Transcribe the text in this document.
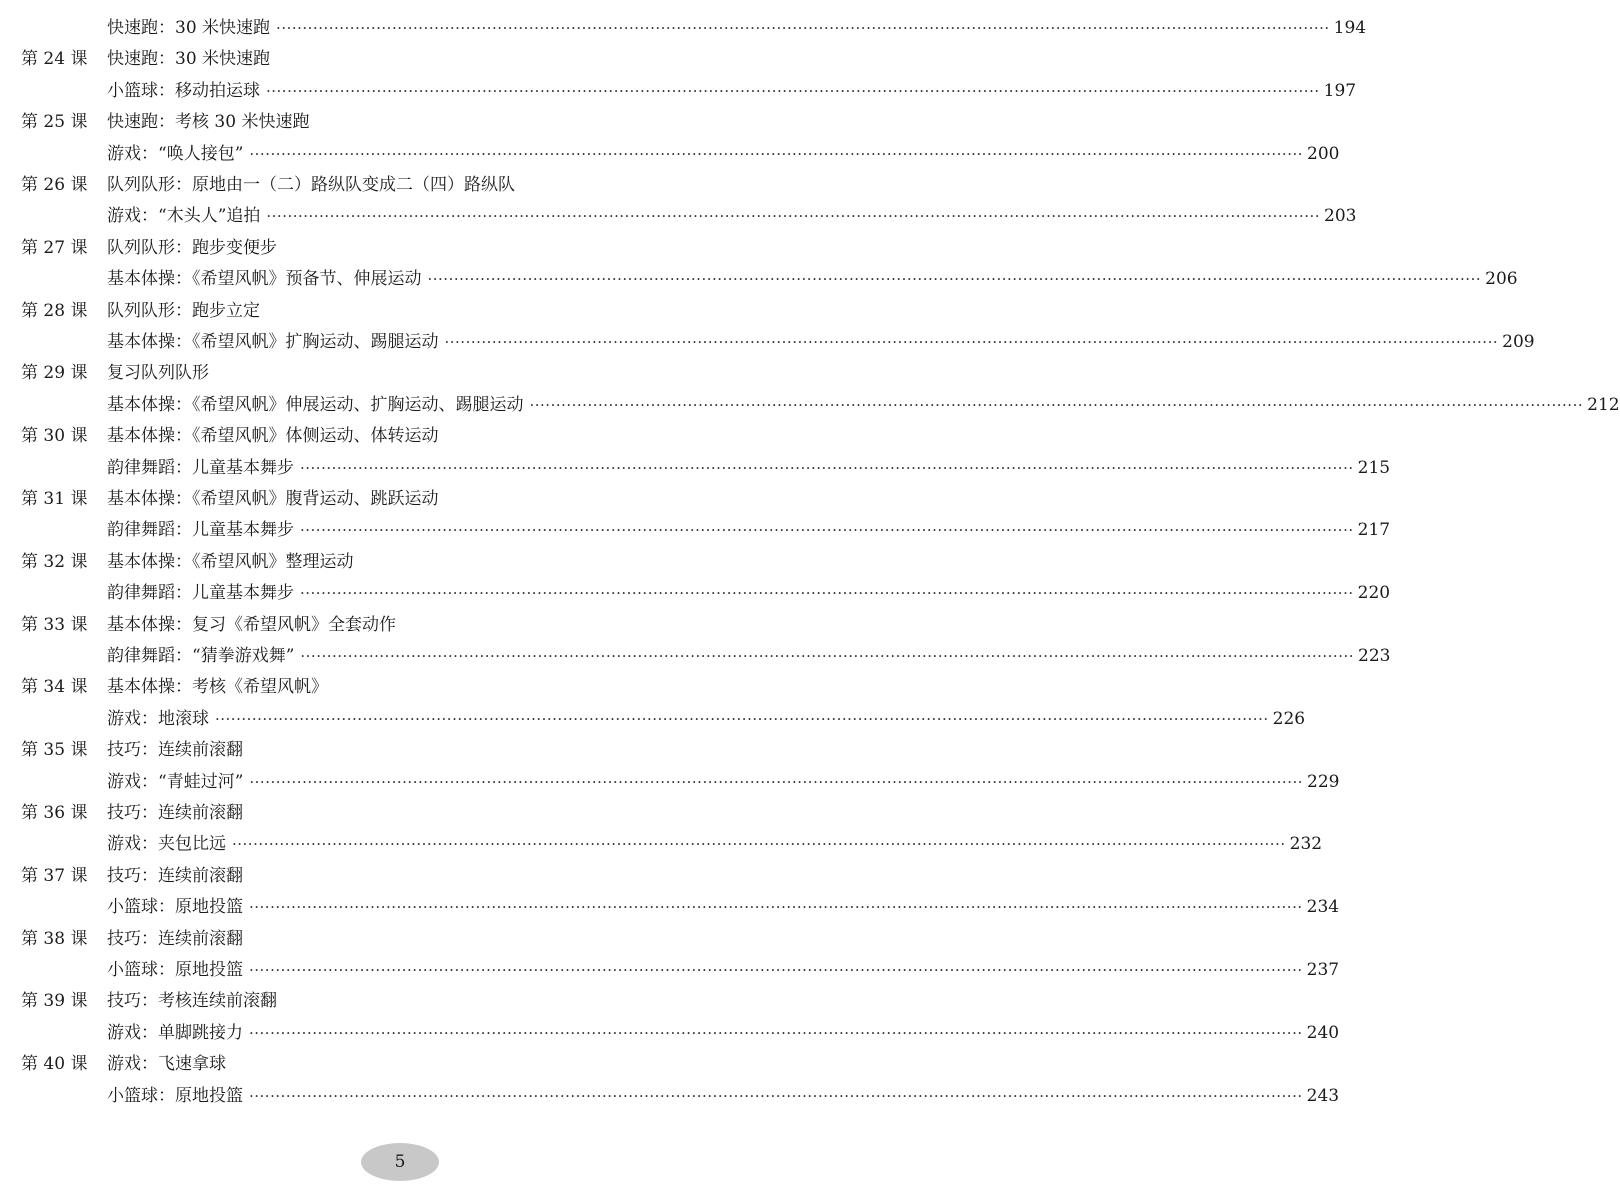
快速跑：30 米快速跑 ········································································································································································································ 194
第 24 课 快速跑：30 米快速跑
小篮球：移动拍运球 ········································································································································································································ 197
第 25 课 快速跑：考核 30 米快速跑
游戏：“唤人接包” ········································································································································································································ 200
第 26 课 队列队形：原地由一（二）路纵队变成二（四）路纵队
游戏：“木头人”追拍 ········································································································································································································ 203
第 27 课 队列队形：跑步变便步
基本体操：《希望风帆》预备节、伸展运动 ········································································································································································································ 206
第 28 课 队列队形：跑步立定
基本体操：《希望风帆》扩胸运动、踢腿运动 ········································································································································································································ 209
第 29 课 复习队列队形
基本体操：《希望风帆》伸展运动、扩胸运动、踢腿运动 ········································································································································································································ 212
第 30 课 基本体操：《希望风帆》体侧运动、体转运动
韵律舞蹈：儿童基本舞步 ········································································································································································································ 215
第 31 课 基本体操：《希望风帆》腹背运动、跳跃运动
韵律舞蹈：儿童基本舞步 ········································································································································································································ 217
第 32 课 基本体操：《希望风帆》整理运动
韵律舞蹈：儿童基本舞步 ········································································································································································································ 220
第 33 课 基本体操：复习《希望风帆》全套动作
韵律舞蹈：“猜拳游戏舞” ········································································································································································································ 223
第 34 课 基本体操：考核《希望风帆》
游戏：地滚球 ········································································································································································································ 226
第 35 课 技巧：连续前滚翻
游戏：“青蛙过河” ········································································································································································································ 229
第 36 课 技巧：连续前滚翻
游戏：夹包比远 ········································································································································································································ 232
第 37 课 技巧：连续前滚翻
小篮球：原地投篮 ········································································································································································································ 234
第 38 课 技巧：连续前滚翻
小篮球：原地投篮 ········································································································································································································ 237
第 39 课 技巧：考核连续前滚翻
游戏：单脚跳接力 ········································································································································································································ 240
第 40 课 游戏：飞速拿球
小篮球：原地投篮 ········································································································································································································ 243
5
